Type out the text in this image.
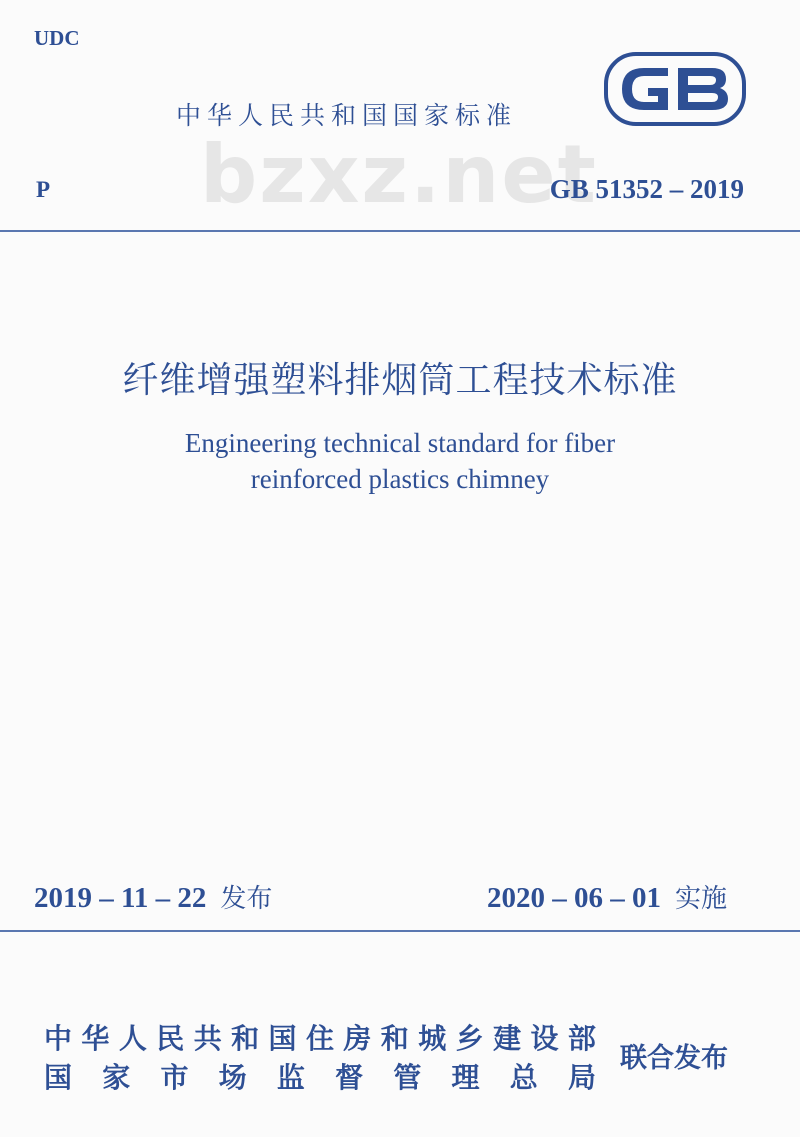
UDC
中华人民共和国国家标准
bzxz.net
P	GB 51352 – 2019
纤维增强塑料排烟筒工程技术标准
Engineering technical standard for fiber
reinforced plastics chimney
2019 – 11 – 22 发布	2020 – 06 – 01 实施
中 华 人 民 共 和 国 住 房 和 城 乡 建 设 部
国 家 市 场 监 督 管 理 总 局
联合发布
